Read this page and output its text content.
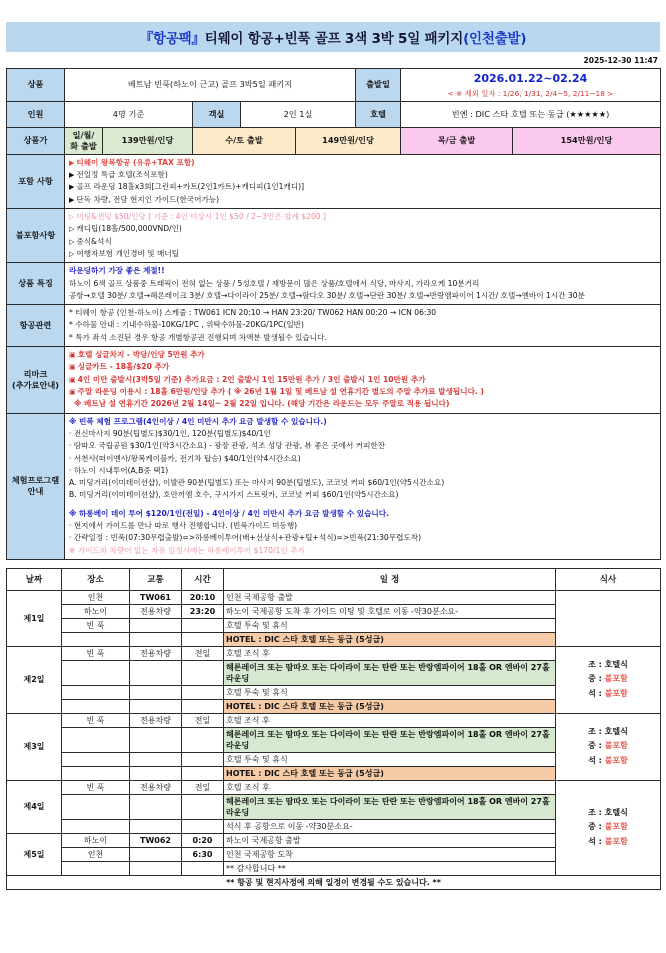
『항공팩』 티웨이 항공+빈푹 골프 3색 3박 5일 패키지 (인천출발)
2025-12-30 11:47
상품	베트남 빈푹(하노이 근교) 골프 3박5일 패키지					출발일	2026.01.22~02.24
< ※ 제외 일자 : 1/26, 1/31, 2/4~5, 2/11~18 >	

인원	4명 기준		객실	2인 1실		호텔	빈옌 : DIC 스타 호텔 또는 동급 (★★★★★)	
상품가	일/월/화 출발	139만원/인당	수/토 출발		149만원/인당		목/금 출발	154만원/인당
포함 사항	▶ 티웨이 왕복항공 (유류+TAX 포함)
▶ 전일정 특급 호텔(조식포함)
▶ 골프 라운딩 18홀x3회[그린피+카트(2인1카트)+캐디피(1인1캐디)]
▶ 단독 차량, 전담 현지인 가이드(한국어가능)							

불포함사항	▷ 미팅&샌딩 $50/인당 [ 기준 : 4인 이상시 1인 $50 / 2~3인은 합계 $200 ]
▷ 캐디팁(18홀/500,000VND/인)
▷ 중식&석식
▷ 여행자보험 개인경비 및 매너팁							

상품 특징	라운딩하기 가장 좋은 계절!!
하노이 6색 골프 상품중 트래픽이 전혀 없는 상품 / 5성호텔 / 재방문이 많은 상품/호텔에서 식당, 마사지, 가라오케 10분거리
공항→호텔 30분/ 호텔→헤론레이크 3분/ 호텔→다이라이 25분/ 호텔→땀다오 30분/ 호텔→단란 30분/ 호텔→반랑엠파이어 1시간/ 호텔→옌바이 1시간 30분							

항공관련	* 티웨이 항공 (인천-하노이) 스케줄 : TW061 ICN 20:10 → HAN 23:20/ TW062 HAN 00:20 → ICN 06:30
* 수하물 안내 : 기내수하물-10KG/1PC , 위탁수하물-20KG/1PC(일반)
* 특가 좌석 소진된 경우 항공 개별항공권 진행되며 차액분 발생될수 있습니다.							

리마크
(추가료안내)	▣ 호텔 싱글차지 - 박당/인당 5만원 추가
▣ 싱글카트 - 18홀/$20 추가
▣ 4인 미만 출발시(3박5일 기준) 추가요금 : 2인 출발시 1인 15만원 추가 / 3인 출발시 1인 10만원 추가
▣ 주말 라운딩 이용시 : 18홀 6만원/인당 추가 ( ※ 26년 1월 1일 및 베트남 설 연휴기간 별도의 주말 추가료 발생됩니다. )
※ 베트남 설 연휴기간 2026년 2월 14일~ 2월 22일 입니다. (해당 기간은 라운드는 모두 주말로 적용 됩니다)							

체험프로그램
안내	
※ 빈푹 체험 프로그램(4인이상 / 4인 미만시 추가 요금 발생할 수 있습니다.)
· 전신마사지 90분(팁별도)$30/1인, 120분(팁별도)$40/1인
· 땀따오 국립공원 $30/1인(약3시간소요) - 광장 관광, 석조 성당 관광, 뷰 좋은 곳에서 커피한잔
· 서천사(떠이옌사/왕복케이블카, 전기차 탑승) $40/1인(약4시간소요)
· 하노이 시내투어(A,B중 택1)
A. 미딩거리(이미테이션샵), 이발관 90분(팁별도) 또는 마사지 90분(팁별도), 코코넛 커피 $60/1인(약5시간소요)
B. 미딩거리(이미테이션샵), 호안끼엠 호수, 구시가지 스트릿카, 코코넛 커피 $60/1인(약5시간소요)

※ 하롱베이 데이 투어 $120/1인(전일) - 4인이상 / 4인 미만시 추가 요금 발생할 수 있습니다.
· 현지에서 가이드를 만나 따로 행사 진행합니다. (빈푹가이드 미동행)
· 간략일정 : 빈푹(07:30무렵출발)=>하롱베이투어(배+선상식+관광+팁+석식)=>빈푹(21:30무렵도착)
※ 가이드와 차량이 없는 자유 일정시에는 하롱베이투어 $170/1인 추가
날짜	장소	교통	시간	일 정	식사
제1일	인천	TW061	20:10	인천 국제공항 출발	
	하노이	전용차량	23:20	하노이 국제공항 도착 후 가이드 미팅 및 호텔로 이동 -약30분소요-	
	빈 푹			호텔 투숙 및 휴식	
				HOTEL : DIC 스타 호텔 또는 동급 (5성급)	
제2일	빈 푹	전용차량	전일	호텔 조식 후	조 : 호텔식
중 : 불포함
석 : 불포함

				헤론레이크 또는 땀따오 또는 다이라이 또는 탄란 또는 반랑엠파이어 18홀 OR 엔바이 27홀 라운딩	
				호텔 투숙 및 휴식	
				HOTEL : DIC 스타 호텔 또는 동급 (5성급)	
제3일	빈 푹	전용차량	전일	호텔 조식 후	조 : 호텔식
중 : 불포함
석 : 불포함

				헤론레이크 또는 땀따오 또는 다이라이 또는 탄란 또는 반랑엠파이어 18홀 OR 엔바이 27홀 라운딩	
				호텔 투숙 및 휴식	
				HOTEL : DIC 스타 호텔 또는 동급 (5성급)	
제4일	빈 푹	전용차량	전일	호텔 조식 후	조 : 호텔식
중 : 불포함
석 : 불포함

				헤론레이크 또는 땀따오 또는 다이라이 또는 탄란 또는 반랑엠파이어 18홀 OR 엔바이 27홀 라운딩	
				석식 후 공항으로 이동 -약30분소요-	
제5일	하노이	TW062	0:20	하노이 국제공항 출발	
	인천		6:30	인천 국제공항 도착	
				** 감사합니다 **	
** 항공 및 현지사정에 의해 일정이 변경될 수도 있습니다. **					
